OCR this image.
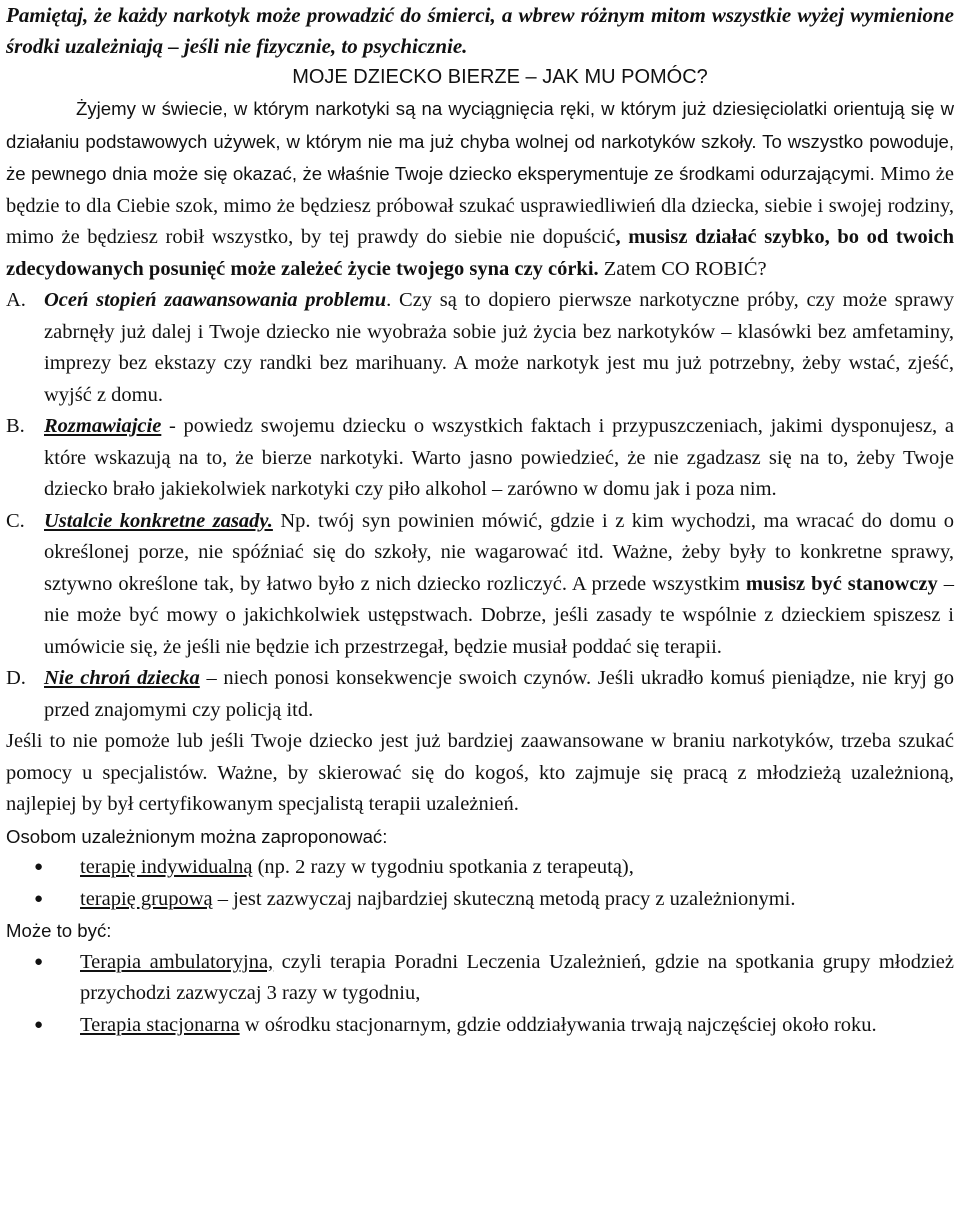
Pamiętaj, że każdy narkotyk może prowadzić do śmierci, a wbrew różnym mitom wszystkie wyżej wymienione środki uzależniają – jeśli nie fizycznie, to psychicznie.

MOJE DZIECKO BIERZE – JAK MU POMÓC?

Żyjemy w świecie, w którym narkotyki są na wyciągnięcia ręki, w którym już dziesięciolatki orientują się w działaniu podstawowych używek, w którym nie ma już chyba wolnej od narkotyków szkoły. To wszystko powoduje, że pewnego dnia może się okazać, że właśnie Twoje dziecko eksperymentuje ze środkami odurzającymi. Mimo że będzie to dla Ciebie szok, mimo że będziesz próbował szukać usprawiedliwień dla dziecka, siebie i swojej rodziny, mimo że będziesz robił wszystko, by tej prawdy do siebie nie dopuścić, musisz działać szybko, bo od twoich zdecydowanych posunięć może zależeć życie twojego syna czy córki. Zatem CO ROBIĆ?

A. Oceń stopień zaawansowania problemu. Czy są to dopiero pierwsze narkotyczne próby, czy może sprawy zabrnęły już dalej i Twoje dziecko nie wyobraża sobie już życia bez narkotyków – klasówki bez amfetaminy, imprezy bez ekstazy czy randki bez marihuany. A może narkotyk jest mu już potrzebny, żeby wstać, zjeść, wyjść z domu.
B. Rozmawiajcie - powiedz swojemu dziecku o wszystkich faktach i przypuszczeniach, jakimi dysponujesz, a które wskazują na to, że bierze narkotyki. Warto jasno powiedzieć, że nie zgadzasz się na to, żeby Twoje dziecko brało jakiekolwiek narkotyki czy piło alkohol – zarówno w domu jak i poza nim.
C. Ustalcie konkretne zasady. Np. twój syn powinien mówić, gdzie i z kim wychodzi, ma wracać do domu o określonej porze, nie spóźniać się do szkoły, nie wagarować itd. Ważne, żeby były to konkretne sprawy, sztywno określone tak, by łatwo było z nich dziecko rozliczyć. A przede wszystkim musisz być stanowczy – nie może być mowy o jakichkolwiek ustępstwach. Dobrze, jeśli zasady te wspólnie z dzieckiem spiszesz i umówicie się, że jeśli nie będzie ich przestrzegał, będzie musiał poddać się terapii.
D. Nie chroń dziecka – niech ponosi konsekwencje swoich czynów. Jeśli ukradło komuś pieniądze, nie kryj go przed znajomymi czy policją itd.

Jeśli to nie pomoże lub jeśli Twoje dziecko jest już bardziej zaawansowane w braniu narkotyków, trzeba szukać pomocy u specjalistów. Ważne, by skierować się do kogoś, kto zajmuje się pracą z młodzieżą uzależnioną, najlepiej by był certyfikowanym specjalistą terapii uzależnień.

Osobom uzależnionym można zaproponować:

●	terapię indywidualną (np. 2 razy w tygodniu spotkania z terapeutą),
●	terapię grupową – jest zazwyczaj najbardziej skuteczną metodą pracy z uzależnionymi.

Może to być:

●	Terapia ambulatoryjna, czyli terapia Poradni Leczenia Uzależnień, gdzie na spotkania grupy młodzież przychodzi zazwyczaj 3 razy w tygodniu,
●	Terapia stacjonarna w ośrodku stacjonarnym, gdzie oddziaływania trwają najczęściej około roku.
